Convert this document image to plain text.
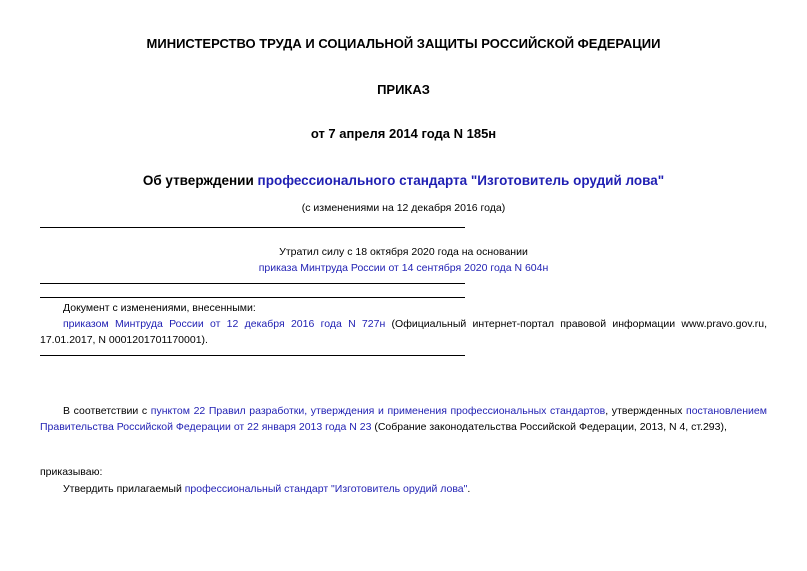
МИНИСТЕРСТВО ТРУДА И СОЦИАЛЬНОЙ ЗАЩИТЫ РОССИЙСКОЙ ФЕДЕРАЦИИ
ПРИКАЗ
от 7 апреля 2014 года N 185н
Об утверждении профессионального стандарта "Изготовитель орудий лова"
(с изменениями на 12 декабря 2016 года)
Утратил силу с 18 октября 2020 года на основании
приказа Минтруда России от 14 сентября 2020 года N 604н
Документ с изменениями, внесенными:
приказом Минтруда России от 12 декабря 2016 года N 727н (Официальный интернет-портал правовой информации www.pravo.gov.ru, 17.01.2017, N 0001201701170001).
В соответствии с пунктом 22 Правил разработки, утверждения и применения профессиональных стандартов, утвержденных постановлением Правительства Российской Федерации от 22 января 2013 года N 23 (Собрание законодательства Российской Федерации, 2013, N 4, ст.293),
приказываю:
Утвердить прилагаемый профессиональный стандарт "Изготовитель орудий лова".
